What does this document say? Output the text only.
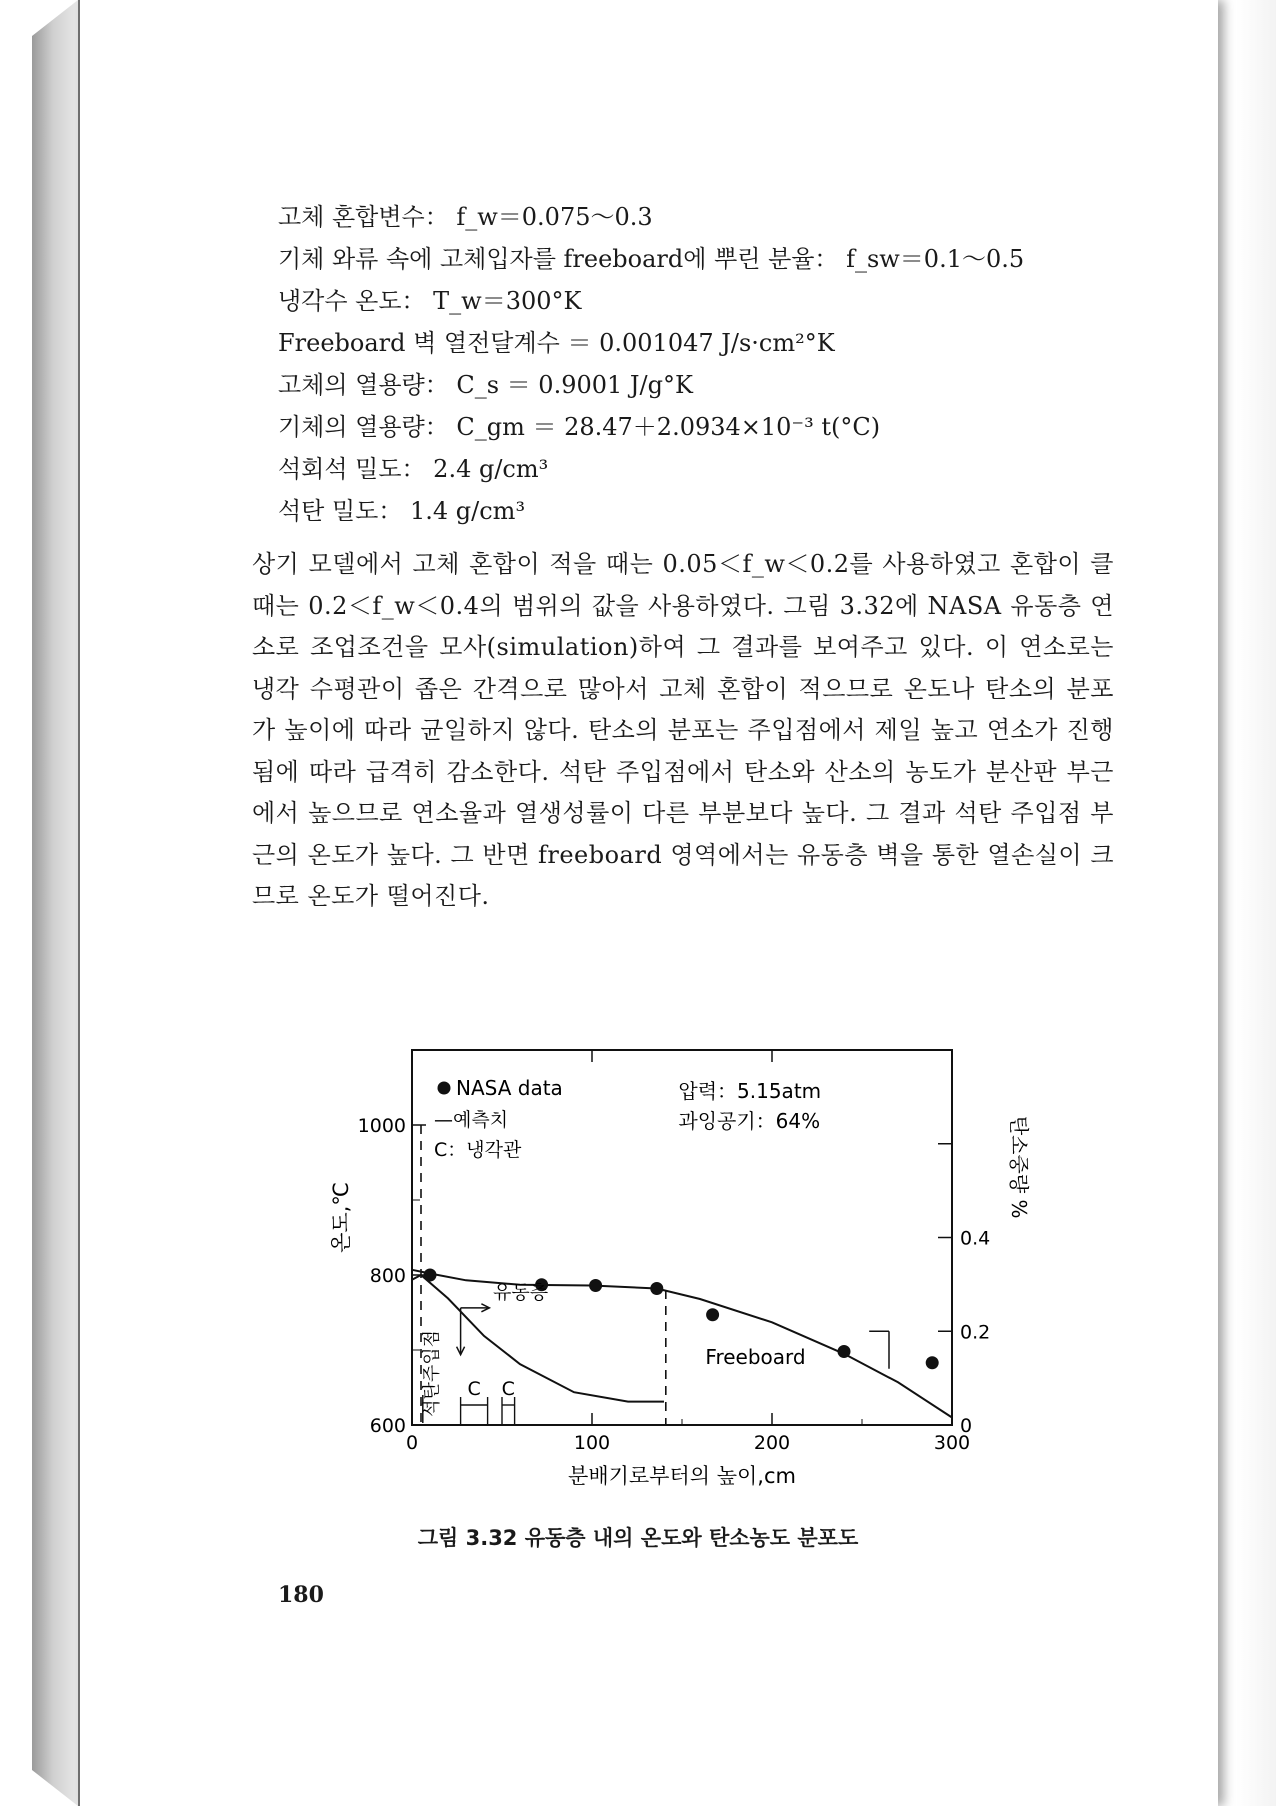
고체 혼합변수： f_w＝0.075～0.3
기체 와류 속에 고체입자를 freeboard에 뿌린 분율： f_sw＝0.1～0.5
냉각수 온도： T_w＝300°K
Freeboard 벽 열전달계수 ＝ 0.001047 J/s·cm²°K
고체의 열용량： C_s ＝ 0.9001 J/g°K
기체의 열용량： C_gm ＝ 28.47＋2.0934×10⁻³ t(°C)
석회석 밀도： 2.4 g/cm³
석탄 밀도： 1.4 g/cm³
상기 모델에서 고체 혼합이 적을 때는 0.05＜f_w＜0.2를 사용하였고 혼합이 클 때는 0.2＜f_w＜0.4의 범위의 값을 사용하였다. 그림 3.32에 NASA 유동층 연소로 조업조건을 모사(simulation)하여 그 결과를 보여주고 있다. 이 연소로는 냉각 수평관이 좁은 간격으로 많아서 고체 혼합이 적으므로 온도나 탄소의 분포가 높이에 따라 균일하지 않다. 탄소의 분포는 주입점에서 제일 높고 연소가 진행됨에 따라 급격히 감소한다. 석탄 주입점에서 탄소와 산소의 농도가 분산판 부근에서 높으므로 연소율과 열생성률이 다른 부분보다 높다. 그 결과 석탄 주입점 부근의 온도가 높다. 그 반면 freeboard 영역에서는 유동층 벽을 통한 열손실이 크므로 온도가 떨어진다.
0	100	200	300
600
800
1000
0
0.2
0.4
분배기로부터의 높이,cm
온도,℃	탄소중량 %
NASA data
—예측치
C：냉각관
압력：5.15atm
과잉공기：64%
Freeboard
유동층
석탄주입점 C C
그림 3.32 유동층 내의 온도와 탄소농도 분포도
180
